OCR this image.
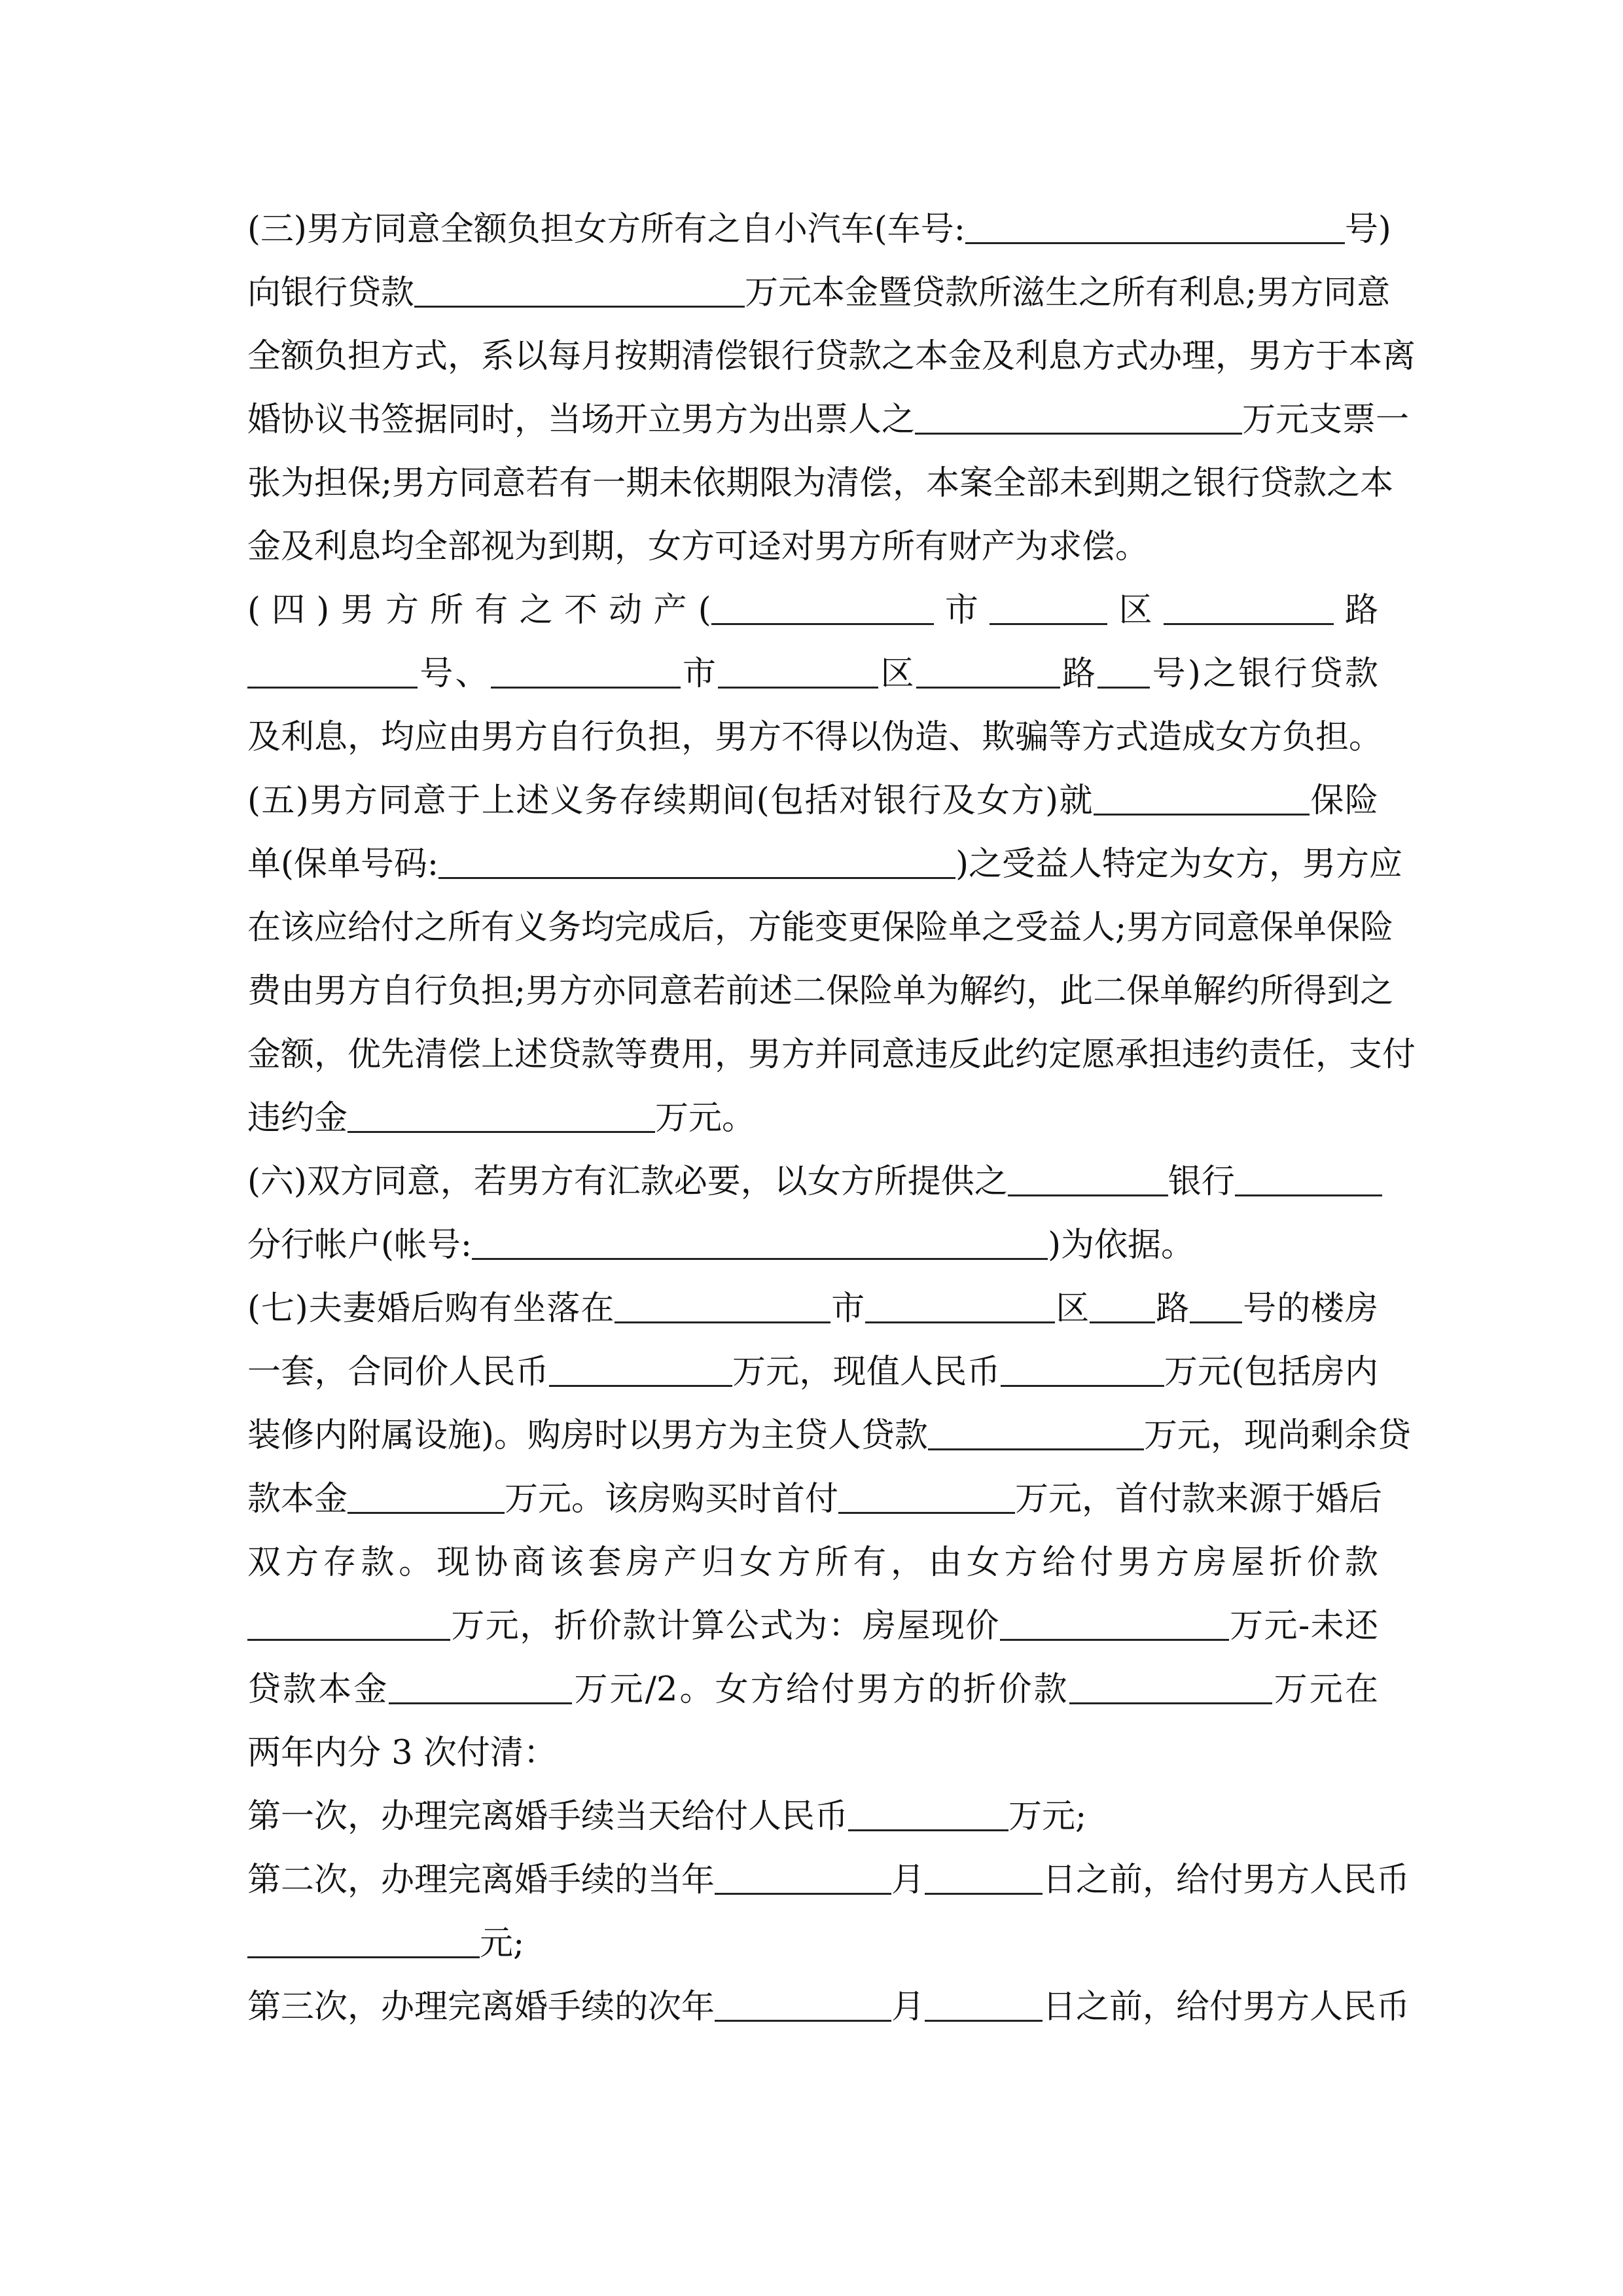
(三)男方同意全额负担女方所有之自小汽车(车号:	号)
向银行贷款	万元本金暨贷款所滋生之所有利息;男方同意
全额负担方式，系以每月按期清偿银行贷款之本金及利息方式办理，男方于本离
婚协议书签据同时，当场开立男方为出票人之	万元支票一
张为担保;男方同意若有一期未依期限为清偿，本案全部未到期之银行贷款之本
金及利息均全部视为到期，女方可迳对男方所有财产为求偿。
(四)男方所有之不动产(	市	区	路
号、	市	区	路 号)之银行贷款
及利息，均应由男方自行负担，男方不得以伪造、欺骗等方式造成女方负担。
(五)男方同意于上述义务存续期间(包括对银行及女方)就	保险
单(保单号码:	)之受益人特定为女方，男方应
在该应给付之所有义务均完成后，方能变更保险单之受益人;男方同意保单保险
费由男方自行负担;男方亦同意若前述二保险单为解约，此二保单解约所得到之
金额，优先清偿上述贷款等费用，男方并同意违反此约定愿承担违约责任，支付
违约金	万元。
(六)双方同意，若男方有汇款必要，以女方所提供之	银行
分行帐户(帐号:	)为依据。
(七)夫妻婚后购有坐落在	市	区 路 号的楼房
一套，合同价人民币	万元，现值人民币	万元(包括房内
装修内附属设施)。购房时以男方为主贷人贷款	万元，现尚剩余贷
款本金	万元。该房购买时首付	万元，首付款来源于婚后
双方存款。现协商该套房产归女方所有，由女方给付男方房屋折价款
万元，折价款计算公式为：房屋现价	万元-未还
贷款本金	万元/2。女方给付男方的折价款	万元在
两年内分 3 次付清：
第一次，办理完离婚手续当天给付人民币	万元;
第二次，办理完离婚手续的当年	月	日之前，给付男方人民币
元;
第三次，办理完离婚手续的次年	月	日之前，给付男方人民币
